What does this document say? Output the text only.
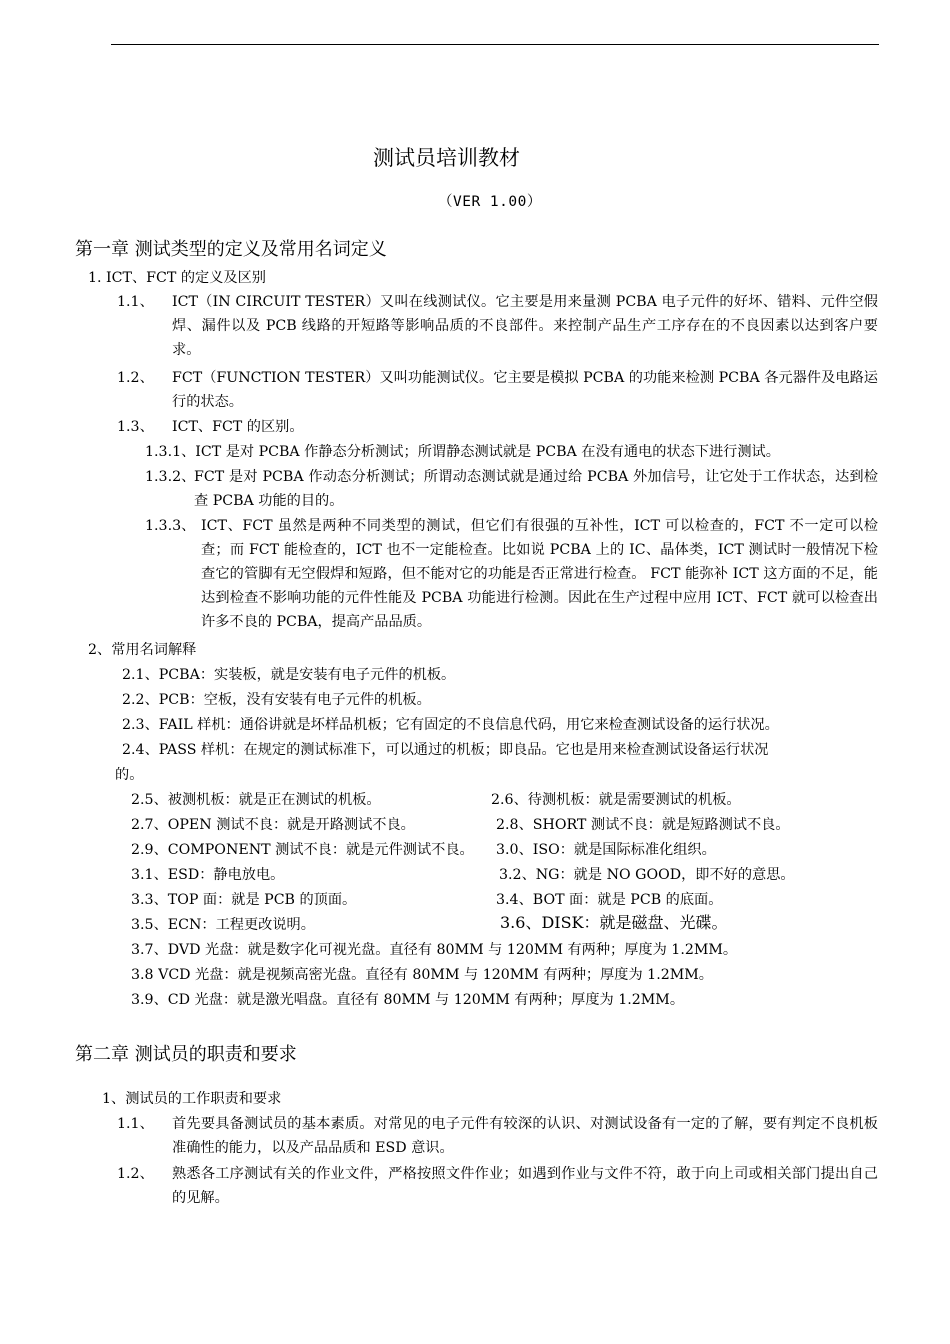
测试员培训教材
（VER 1.00）
第一章 测试类型的定义及常用名词定义
1. ICT、FCT 的定义及区别
1.1、 ICT（IN CIRCUIT TESTER）又叫在线测试仪。它主要是用来量测 PCBA 电子元件的好坏、错料、元件空假焊、漏件以及 PCB 线路的开短路等影响品质的不良部件。来控制产品生产工序存在的不良因素以达到客户要求。
1.2、 FCT（FUNCTION TESTER）又叫功能测试仪。它主要是模拟 PCBA 的功能来检测 PCBA 各元器件及电路运行的状态。
1.3、 ICT、FCT 的区别。
1.3.1、ICT 是对 PCBA 作静态分析测试；所谓静态测试就是 PCBA 在没有通电的状态下进行测试。
1.3.2、
FCT 是对 PCBA 作动态分析测试；所谓动态测试就是通过给 PCBA 外加信号，让它处于工作状态，达到检查 PCBA 功能的目的。
1.3.3、 ICT、FCT 虽然是两种不同类型的测试，但它们有很强的互补性，ICT 可以检查的，FCT 不一定可以检查；而 FCT 能检查的，ICT 也不一定能检查。比如说 PCBA 上的 IC、晶体类，ICT 测试时一般情况下检查它的管脚有无空假焊和短路，但不能对它的功能是否正常进行检查。 FCT 能弥补 ICT 这方面的不足，能达到检查不影响功能的元件性能及 PCBA 功能进行检测。因此在生产过程中应用 ICT、FCT 就可以检查出许多不良的 PCBA，提高产品品质。
2、常用名词解释
2.1、PCBA：实装板，就是安装有电子元件的机板。
2.2、PCB：空板，没有安装有电子元件的机板。
2.3、FAIL 样机：通俗讲就是坏样品机板；它有固定的不良信息代码，用它来检查测试设备的运行状况。
2.4、PASS 样机：在规定的测试标准下，可以通过的机板；即良品。它也是用来检查测试设备运行状况
的。
2.5、被测机板：就是正在测试的机板。	2.6、待测机板：就是需要测试的机板。
2.7、OPEN 测试不良：就是开路测试不良。	2.8、SHORT 测试不良：就是短路测试不良。
2.9、COMPONENT 测试不良：就是元件测试不良。 3.0、ISO：就是国际标准化组织。
3.1、ESD：静电放电。	3.2、NG：就是 NO GOOD，即不好的意思。
3.3、TOP 面：就是 PCB 的顶面。	3.4、BOT 面：就是 PCB 的底面。
3.5、ECN：工程更改说明。	3.6、DISK：就是磁盘、光碟。
3.7、DVD 光盘：就是数字化可视光盘。直径有 80MM 与 120MM 有两种；厚度为 1.2MM。
3.8 VCD 光盘：就是视频高密光盘。直径有 80MM 与 120MM 有两种；厚度为 1.2MM。
3.9、CD 光盘：就是激光唱盘。直径有 80MM 与 120MM 有两种；厚度为 1.2MM。
第二章 测试员的职责和要求
1、测试员的工作职责和要求
1.1、 首先要具备测试员的基本素质。对常见的电子元件有较深的认识、对测试设备有一定的了解，要有判定不良机板准确性的能力，以及产品品质和 ESD 意识。
1.2、 熟悉各工序测试有关的作业文件，严格按照文件作业；如遇到作业与文件不符，敢于向上司或相关部门提出自己的见解。
